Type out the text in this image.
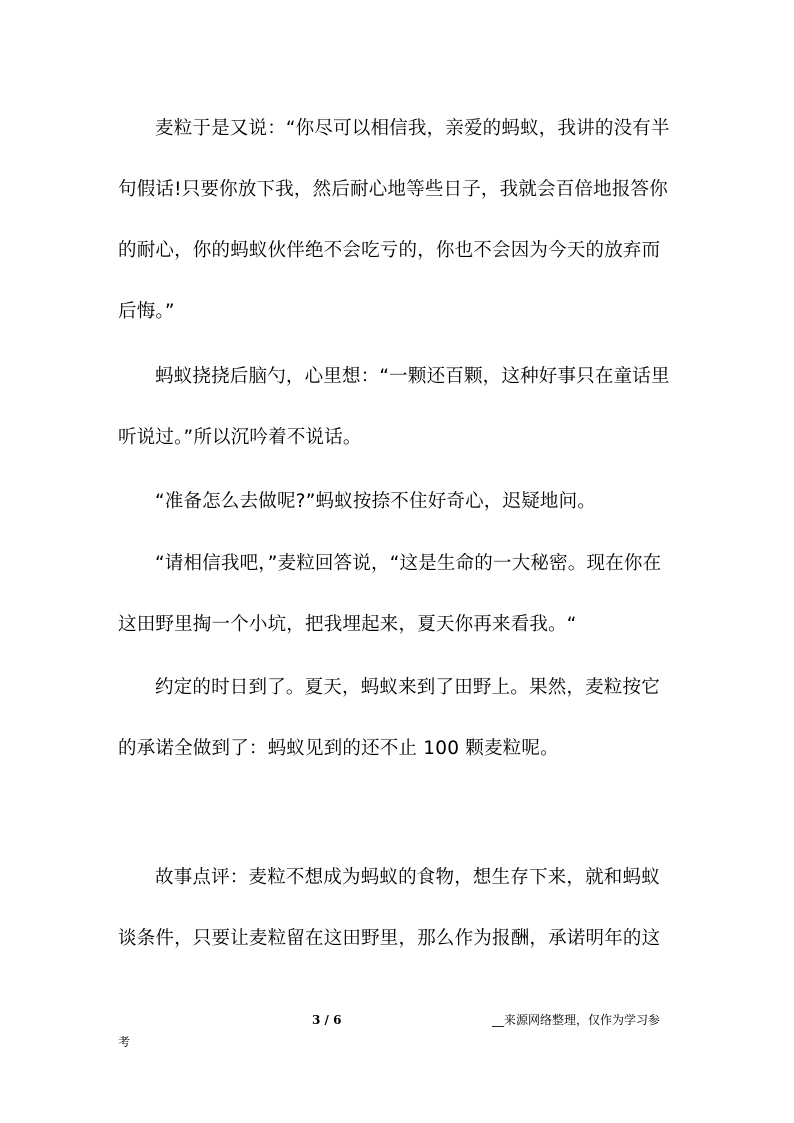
麦粒于是又说：“你尽可以相信我，亲爱的蚂蚁，我讲的没有半句假话!只要你放下我，然后耐心地等些日子，我就会百倍地报答你的耐心，你的蚂蚁伙伴绝不会吃亏的，你也不会因为今天的放弃而后悔。”

蚂蚁挠挠后脑勺，心里想：“一颗还百颗，这种好事只在童话里听说过。”所以沉吟着不说话。

“准备怎么去做呢?”蚂蚁按捺不住好奇心，迟疑地问。

“请相信我吧，”麦粒回答说，“这是生命的一大秘密。现在你在这田野里掏一个小坑，把我埋起来，夏天你再来看我。“

约定的时日到了。夏天，蚂蚁来到了田野上。果然，麦粒按它的承诺全做到了：蚂蚁见到的还不止 100 颗麦粒呢。

故事点评：麦粒不想成为蚂蚁的食物，想生存下来，就和蚂蚁谈条件，只要让麦粒留在这田野里，那么作为报酬，承诺明年的这

3 / 6	__来源网络整理，仅作为学习参
考
